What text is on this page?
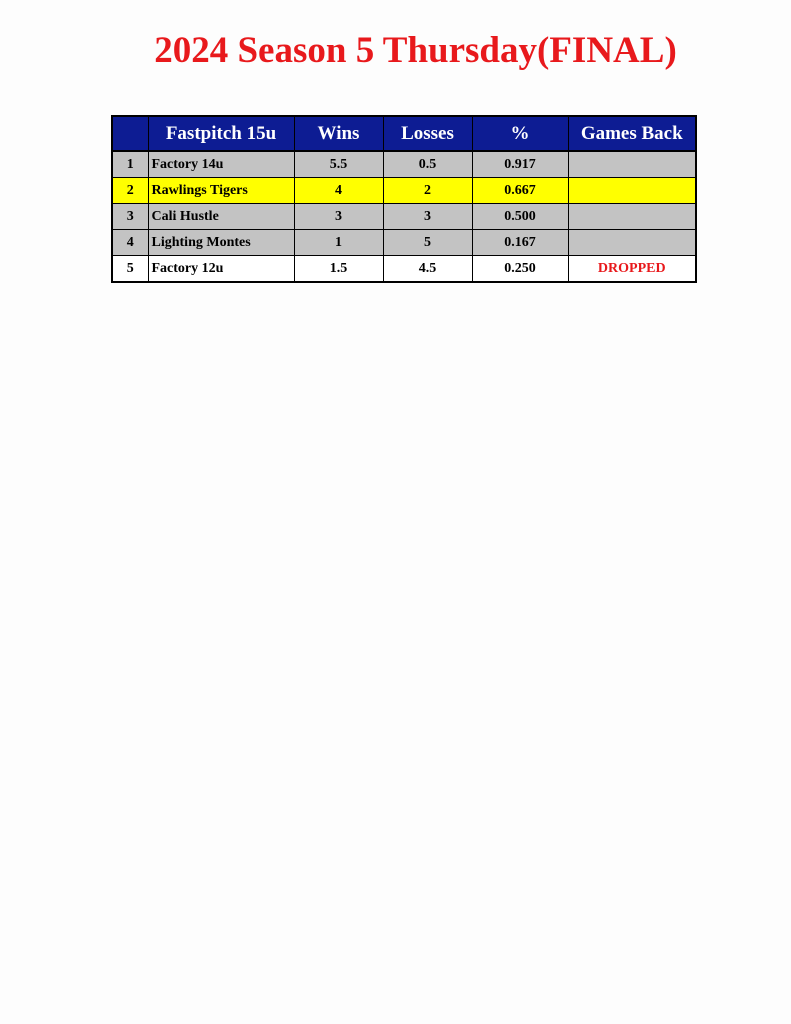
2024 Season 5 Thursday(FINAL)
	Fastpitch 15u	Wins	Losses	%	Games Back
1	Factory 14u	5.5	0.5	0.917	
2	Rawlings Tigers	4	2	0.667	
3	Cali Hustle	3	3	0.500	
4	Lighting Montes	1	5	0.167	
5	Factory 12u	1.5	4.5	0.250	DROPPED
